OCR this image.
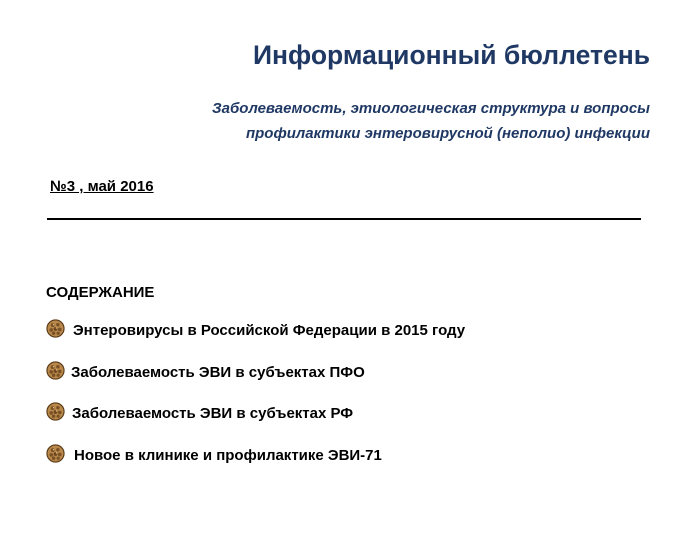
Информационный бюллетень
Заболеваемость, этиологическая структура и вопросы
профилактики энтеровирусной (неполио) инфекции
№3 , май 2016
СОДЕРЖАНИЕ
Энтеровирусы в Российской Федерации в 2015 году
Заболеваемость ЭВИ в субъектах ПФО
Заболеваемость ЭВИ в субъектах РФ
Новое в клинике и профилактике ЭВИ-71
